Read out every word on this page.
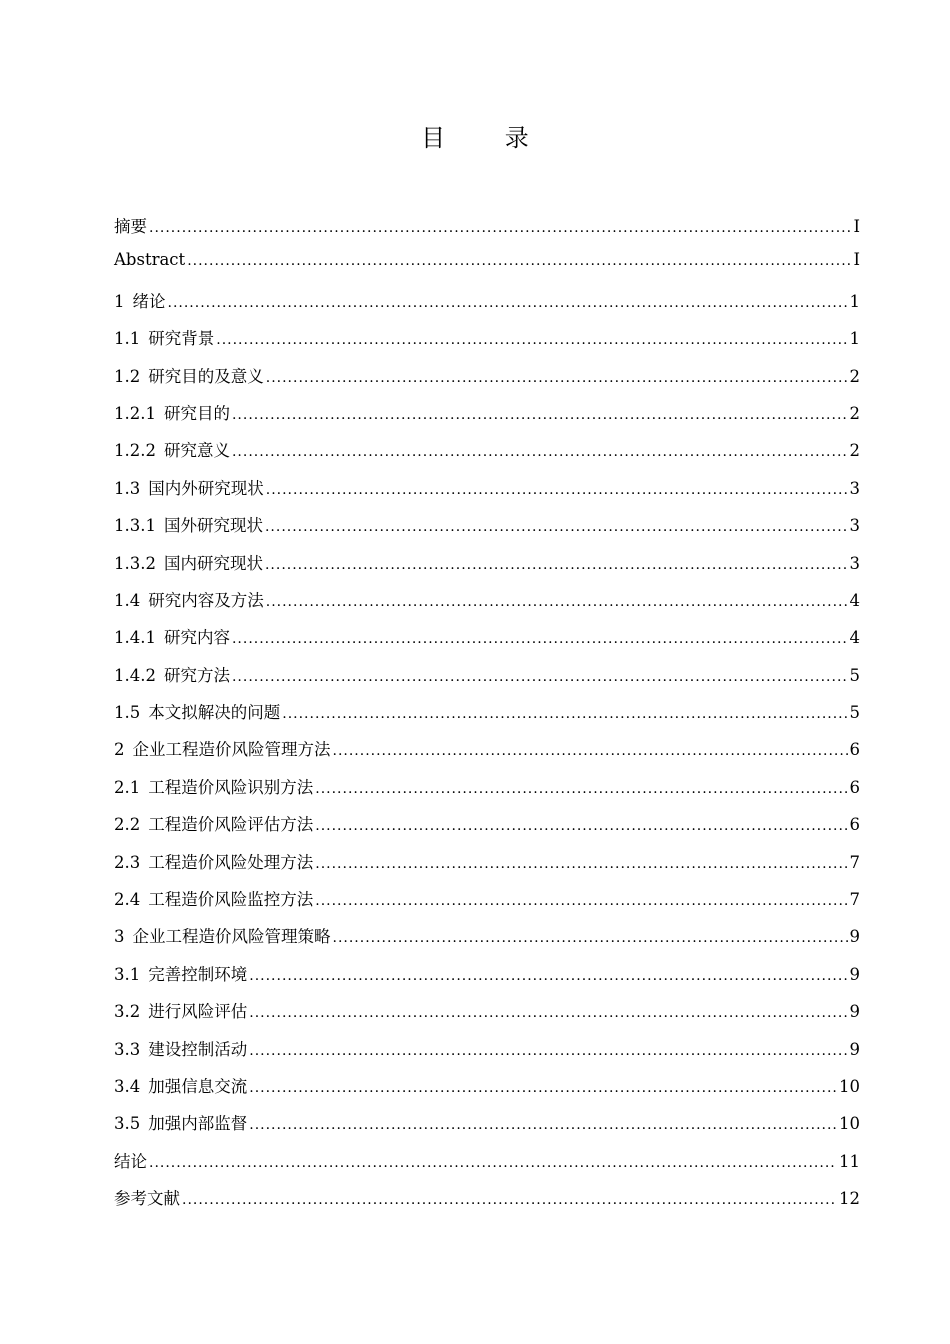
目 录
摘要 .....	I
Abstract .....	I
1 绪论 .....	1
1.1 研究背景 .....	1
1.2 研究目的及意义 .....	2
1.2.1 研究目的 .....	2
1.2.2 研究意义 .....	2
1.3 国内外研究现状 .....	3
1.3.1 国外研究现状 .....	3
1.3.2 国内研究现状 .....	3
1.4 研究内容及方法 .....	4
1.4.1 研究内容 .....	4
1.4.2 研究方法 .....	5
1.5 本文拟解决的问题 .....	5
2 企业工程造价风险管理方法 .....	6
2.1 工程造价风险识别方法 .....	6
2.2 工程造价风险评估方法 .....	6
2.3 工程造价风险处理方法 .....	7
2.4 工程造价风险监控方法 .....	7
3 企业工程造价风险管理策略 .....	9
3.1 完善控制环境 .....	9
3.2 进行风险评估 .....	9
3.3 建设控制活动 .....	9
3.4 加强信息交流 .....	10
3.5 加强内部监督 .....	10
结论 .....	11
参考文献 .....	12
